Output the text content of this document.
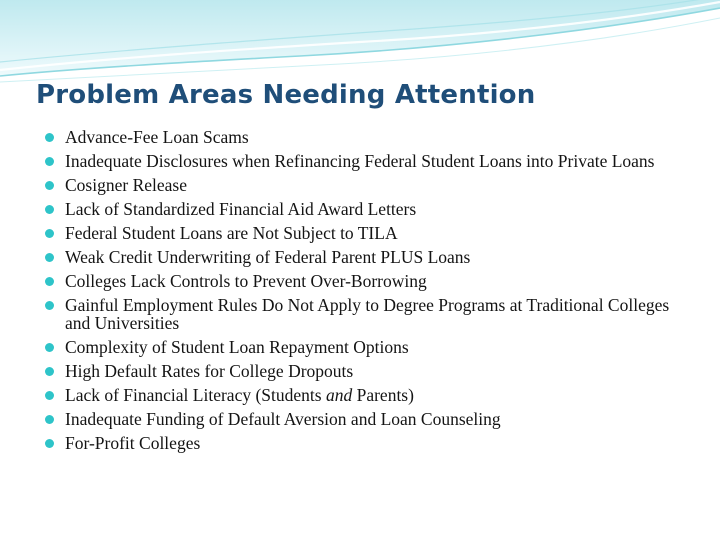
Problem Areas Needing Attention
Advance-Fee Loan Scams
Inadequate Disclosures when Refinancing Federal Student Loans into Private Loans
Cosigner Release
Lack of Standardized Financial Aid Award Letters
Federal Student Loans are Not Subject to TILA
Weak Credit Underwriting of Federal Parent PLUS Loans
Colleges Lack Controls to Prevent Over-Borrowing
Gainful Employment Rules Do Not Apply to Degree Programs at Traditional Colleges and Universities
Complexity of Student Loan Repayment Options
High Default Rates for College Dropouts
Lack of Financial Literacy (Students and Parents)
Inadequate Funding of Default Aversion and Loan Counseling
For-Profit Colleges
